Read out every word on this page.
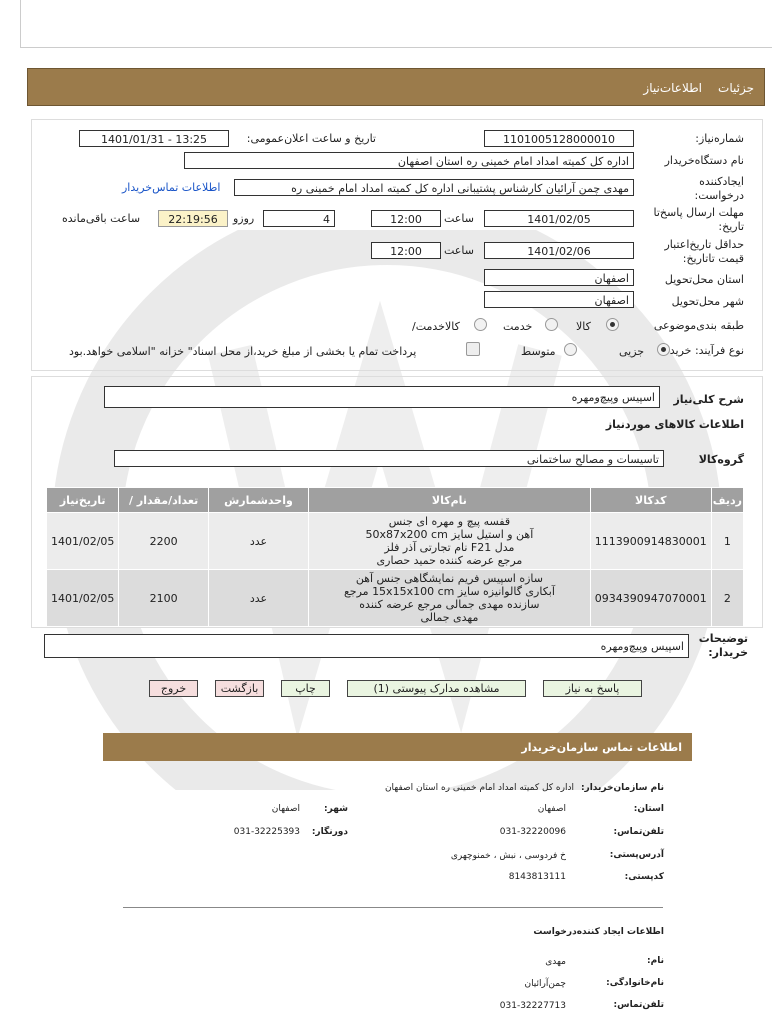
جزئیات
اطلاعات‌نیاز
شماره‌نیاز:
1101005128000010
تاریخ و ساعت اعلان‌عمومی:
1401/01/31 - 13:25
نام دستگاه‌خریدار
اداره کل کمیته امداد امام خمینی ره استان اصفهان
ایجادکننده درخواست:
مهدی چمن آرائیان کارشناس پشتیبانی اداره کل کمیته امداد امام خمینی ره
اطلاعات تماس‌خریدار
مهلت ارسال پاسخ‌تا تاریخ:
1401/02/05
ساعت
12:00
4
روزو
22:19:56
ساعت باقی‌مانده
حداقل تاریخ‌اعتبار قیمت تا‌تاریخ:
1401/02/06
ساعت
12:00
استان محل‌تحویل
اصفهان
شهر محل‌تحویل
اصفهان
طبقه بندی‌موضوعی
کالا
خدمت
کالاخدمت/
نوع فرآیند: خرید
جزیی
متوسط
پرداخت تمام یا بخشی از مبلغ خرید،از محل اسناد" خزانه "اسلامی خواهد.بود
شرح کلی‌نیاز
اسپیس وپیچ‌ومهره
اطلاعات کالاهای موردنیاز
گروه‌کالا
تاسیسات و مصالح ساختمانی
ردیف	کدکالا	نام‌کالا	واحدشمارش	تعداد/مقدار /	تاریخ‌نیاز
1	1113900914830001	قفسه پیچ و مهره ای جنس
آهن و استیل سایز 50x87x200 cm
مدل F21 نام تجارتی آذر فلز
مرجع عرضه کننده حمید حصاری	عدد	2200	1401/02/05
2	0934390947070001	سازه اسپیس فریم نمایشگاهی جنس آهن
آبکاری گالوانیزه سایز 15x15x100 cm مرجع
سازنده مهدی جمالی مرجع عرضه کننده
مهدی جمالی	عدد	2100	1401/02/05
توضیحات خریدار:
اسپیس وپیچ‌ومهره
پاسخ به نیاز
مشاهده مدارک پیوستی (1)
چاپ
بازگشت
خروج
اطلاعات تماس سازمان‌خریدار
نام سازمان‌خریدار:
اداره کل کمیته امداد امام خمینی ره استان اصفهان
استان:
اصفهان
شهر:
اصفهان
تلفن‌تماس:
031-32220096
دورنگار:
031-32225393
آدرس‌پستی:
خ فردوسی ، نبش ، خمنوچهری
کدپستی:
8143813111
اطلاعات ایجاد کننده‌درخواست
نام:
مهدی
نام‌خانوادگی:
چمن‌آرائیان
تلفن‌تماس:
031-32227713
